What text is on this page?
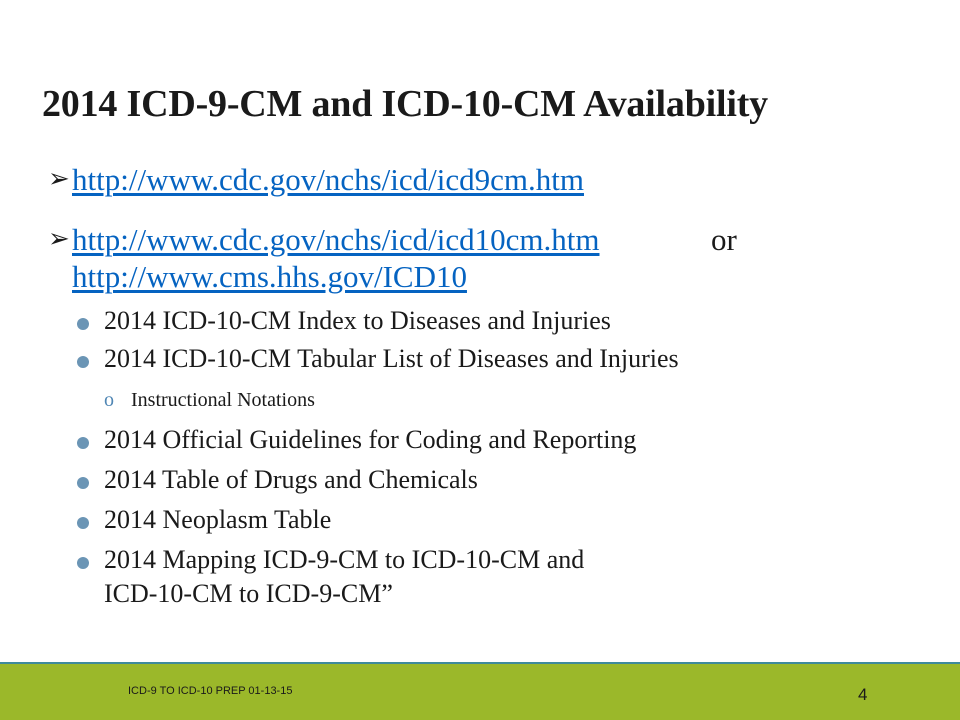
2014 ICD-9-CM and ICD-10-CM Availability
➢ http://www.cdc.gov/nchs/icd/icd9cm.htm
➢ http://www.cdc.gov/nchs/icd/icd10cm.htm	or
http://www.cms.hhs.gov/ICD10
2014 ICD-10-CM Index to Diseases and Injuries
2014 ICD-10-CM Tabular List of Diseases and Injuries
o Instructional Notations
2014 Official Guidelines for Coding and Reporting
2014 Table of Drugs and Chemicals
2014 Neoplasm Table
2014 Mapping ICD-9-CM to ICD-10-CM and
ICD-10-CM to ICD-9-CM”
ICD-9 TO ICD-10 PREP 01-13-15	4
